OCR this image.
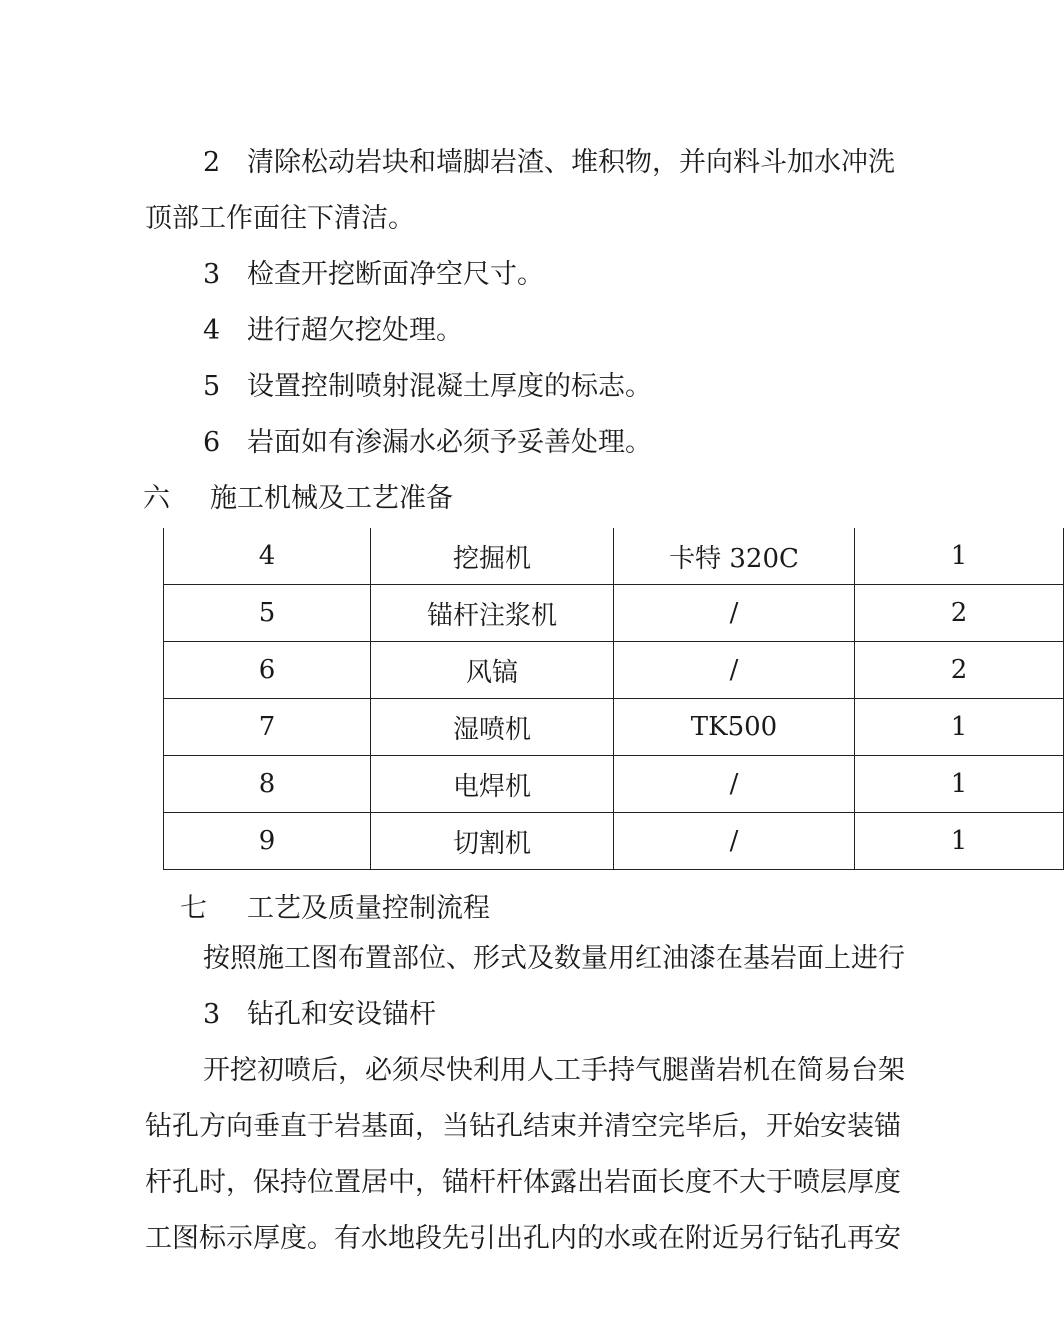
2 清除松动岩块和墙脚岩渣、堆积物，并向料斗加水冲洗
顶部工作面往下清洁。
3 检查开挖断面净空尺寸。
4 进行超欠挖处理。
5 设置控制喷射混凝土厚度的标志。
6 岩面如有渗漏水必须予妥善处理。
六 施工机械及工艺准备
4	挖掘机	卡特 320C	1
5	锚杆注浆机	/	2
6	风镐	/	2
7	湿喷机	TK500	1
8	电焊机	/	1
9	切割机	/	1
七 工艺及质量控制流程
按照施工图布置部位、形式及数量用红油漆在基岩面上进行
3 钻孔和安设锚杆
开挖初喷后，必须尽快利用人工手持气腿凿岩机在简易台架
钻孔方向垂直于岩基面，当钻孔结束并清空完毕后，开始安装锚
杆孔时，保持位置居中，锚杆杆体露出岩面长度不大于喷层厚度
工图标示厚度。有水地段先引出孔内的水或在附近另行钻孔再安
